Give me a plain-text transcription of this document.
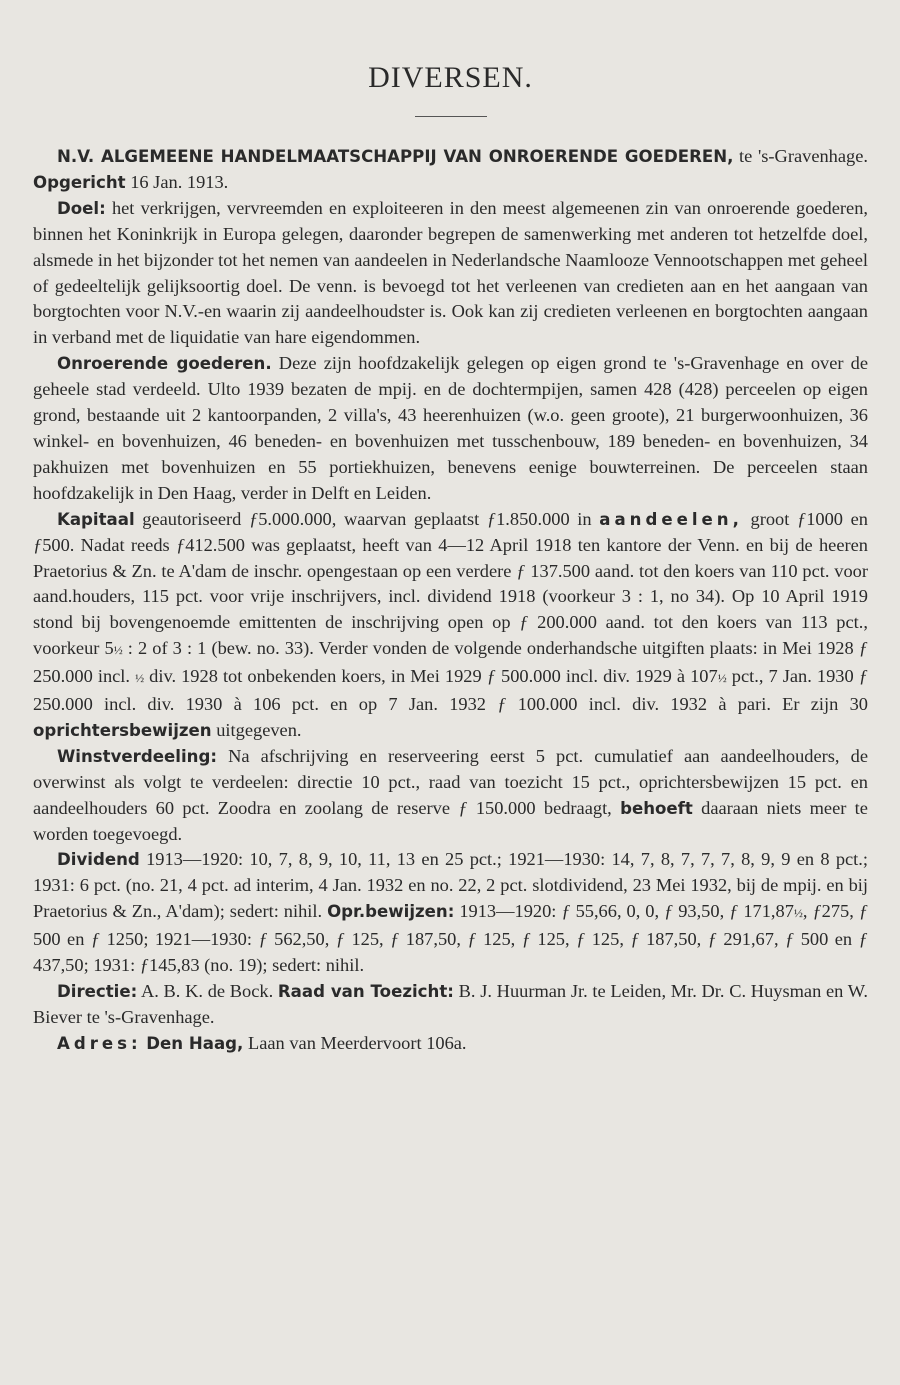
DIVERSEN.

N.V. ALGEMEENE HANDELMAATSCHAPPIJ VAN ONROERENDE GOEDEREN, te 's-Gravenhage. Opgericht 16 Jan. 1913.

Doel: het verkrijgen, vervreemden en exploiteeren in den meest algemeenen zin van onroerende goederen, binnen het Koninkrijk in Europa gelegen, daaronder begrepen de samenwerking met anderen tot hetzelfde doel, alsmede in het bijzonder tot het nemen van aandeelen in Nederlandsche Naamlooze Vennootschappen met geheel of gedeeltelijk gelijksoortig doel. De venn. is bevoegd tot het verleenen van credieten aan en het aangaan van borgtochten voor N.V.-en waarin zij aandeelhoudster is. Ook kan zij credieten verleenen en borgtochten aangaan in verband met de liquidatie van hare eigendommen.

Onroerende goederen. Deze zijn hoofdzakelijk gelegen op eigen grond te 's-Gravenhage en over de geheele stad verdeeld. Ulto 1939 bezaten de mpij. en de dochtermpijen, samen 428 (428) perceelen op eigen grond, bestaande uit 2 kantoorpanden, 2 villa's, 43 heerenhuizen (w.o. geen groote), 21 burgerwoonhuizen, 36 winkel- en bovenhuizen, 46 beneden- en bovenhuizen met tusschenbouw, 189 beneden- en bovenhuizen, 34 pakhuizen met bovenhuizen en 55 portiekhuizen, benevens eenige bouwterreinen. De perceelen staan hoofdzakelijk in Den Haag, verder in Delft en Leiden.

Kapitaal geautoriseerd ƒ5.000.000, waarvan geplaatst ƒ1.850.000 in aandeelen, groot ƒ1000 en ƒ500. Nadat reeds ƒ412.500 was geplaatst, heeft van 4—12 April 1918 ten kantore der Venn. en bij de heeren Praetorius & Zn. te A'dam de inschr. opengestaan op een verdere ƒ 137.500 aand. tot den koers van 110 pct. voor aand.houders, 115 pct. voor vrije inschrijvers, incl. dividend 1918 (voorkeur 3 : 1, no 34). Op 10 April 1919 stond bij bovengenoemde emittenten de inschrijving open op ƒ 200.000 aand. tot den koers van 113 pct., voorkeur 5½ : 2 of 3 : 1 (bew. no. 33). Verder vonden de volgende onderhandsche uitgiften plaats: in Mei 1928 ƒ 250.000 incl. ½ div. 1928 tot onbekenden koers, in Mei 1929 ƒ 500.000 incl. div. 1929 à 107½ pct., 7 Jan. 1930 ƒ 250.000 incl. div. 1930 à 106 pct. en op 7 Jan. 1932 ƒ 100.000 incl. div. 1932 à pari. Er zijn 30 oprichtersbewijzen uitgegeven.

Winstverdeeling: Na afschrijving en reserveering eerst 5 pct. cumulatief aan aandeelhouders, de overwinst als volgt te verdeelen: directie 10 pct., raad van toezicht 15 pct., oprichtersbewijzen 15 pct. en aandeelhouders 60 pct. Zoodra en zoolang de reserve ƒ 150.000 bedraagt, behoeft daaraan niets meer te worden toegevoegd.

Dividend 1913—1920: 10, 7, 8, 9, 10, 11, 13 en 25 pct.; 1921—1930: 14, 7, 8, 7, 7, 7, 8, 9, 9 en 8 pct.; 1931: 6 pct. (no. 21, 4 pct. ad interim, 4 Jan. 1932 en no. 22, 2 pct. slotdividend, 23 Mei 1932, bij de mpij. en bij Praetorius & Zn., A'dam); sedert: nihil. Opr.bewijzen: 1913—1920: ƒ 55,66, 0, 0, ƒ 93,50, ƒ 171,87½, ƒ275, ƒ 500 en ƒ 1250; 1921—1930: ƒ 562,50, ƒ 125, ƒ 187,50, ƒ 125, ƒ 125, ƒ 125, ƒ 187,50, ƒ 291,67, ƒ 500 en ƒ 437,50; 1931: ƒ145,83 (no. 19); sedert: nihil.

Directie: A. B. K. de Bock. Raad van Toezicht: B. J. Huurman Jr. te Leiden, Mr. Dr. C. Huysman en W. Biever te 's-Gravenhage.

Adres: Den Haag, Laan van Meerdervoort 106a.
